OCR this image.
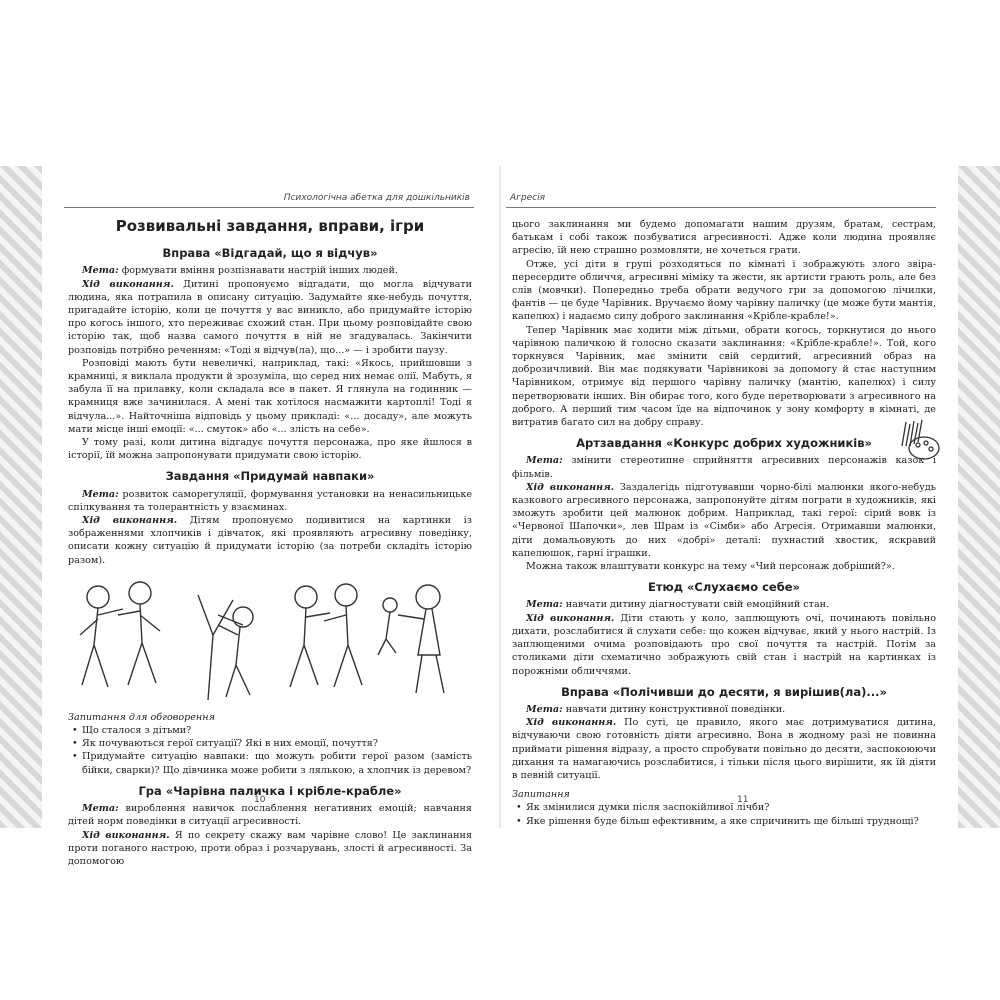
Психологічна абетка для дошкільників	Агресія
Розвивальні завдання, вправи, ігри
Вправа «Відгадай, що я відчув»

Мета: формувати вміння розпізнавати настрій інших людей.

Хід виконання. Дитині пропонуємо відгадати, що могла відчувати людина, яка потрапила в описану ситуацію. Задумайте яке-небудь почуття, пригадайте історію, коли це почуття у вас виникло, або придумайте історію про когось іншого, хто переживає схожий стан. При цьому розповідайте свою історію так, щоб назва самого почуття в ній не згадувалась. Закінчити розповідь потрібно реченням: «Тоді я відчув(ла), що...» — і зробити паузу.

Розповіді мають бути невеличкі, наприклад, такі: «Якось, прийшовши з крамниці, я виклала продукти й зрозуміла, що серед них немає олії. Мабуть, я забула її на прилавку, коли складала все в пакет. Я глянула на годинник — крамниця вже зачинилася. А мені так хотілося насмажити картоплі! Тоді я відчула...». Найточніша відповідь у цьому прикладі: «... досаду», але можуть мати місце інші емоції: «... смуток» або «... злість на себе».

У тому разі, коли дитина відгадує почуття персонажа, про яке йшлося в історії, їй можна запропонувати придумати свою історію.

Завдання «Придумай навпаки»

Мета: розвиток саморегуляції, формування установки на ненасильницьке спілкування та толерантність у взаєминах.

Хід виконання. Дітям пропонуємо подивитися на картинки із зображеннями хлопчиків і дівчаток, які проявляють агресивну поведінку, описати кожну ситуацію й придумати історію (за потреби складіть історію разом).

Запитання для обговорення

• Що сталося з дітьми?
• Як почуваються герої ситуації? Які в них емоції, почуття?
• Придумайте ситуацію навпаки: що можуть робити герої разом (замість бійки, сварки)? Що дівчинка може робити з лялькою, а хлопчик із деревом?
Гра «Чарівна паличка і крібле-крабле»

Мета: вироблення навичок послаблення негативних емоцій; навчання дітей норм поведінки в ситуації агресивності.

Хід виконання. Я по секрету скажу вам чарівне слово! Це заклинання проти поганого настрою, проти образ і розчарувань, злості й агресивності. За допомогою

цього заклинання ми будемо допомагати нашим друзям, братам, сестрам, батькам і собі також позбуватися агресивності. Адже коли людина проявляє агресію, їй нею страшно розмовляти, не хочеться грати.

Отже, усі діти в групі розходяться по кімнаті і зображують злого звіра-пересердите обличчя, агресивні міміку та жести, як артисти грають роль, але без слів (мовчки). Попередньо треба обрати ведучого гри за допомогою лічилки, фантів — це буде Чарівник. Вручаємо йому чарівну паличку (це може бути мантія, капелюх) і надаємо силу доброго заклинання «Крібле-крабле!».

Тепер Чарівник має ходити між дітьми, обрати когось, торкнутися до нього чарівною паличкою й голосно сказати заклинання: «Крібле-крабле!». Той, кого торкнувся Чарівник, має змінити свій сердитий, агресивний образ на доброзичливий. Він має подякувати Чарівникові за допомогу й стає наступним Чарівником, отримує від першого чарівну паличку (мантію, капелюх) і силу перетворювати інших. Він обирає того, кого буде перетворювати з агресивного на доброго. А перший тим часом їде на відпочинок у зону комфорту в кімнаті, де витратив багато сил на добру справу.

Артзавдання «Конкурс добрих художників»

Мета: змінити стереотипне сприйняття агресивних персонажів казок і фільмів.

Хід виконання. Заздалегідь підготувавши чорно-білі малюнки якого-небудь казкового агресивного персонажа, запропонуйте дітям пограти в художників, які зможуть зробити цей малюнок добрим. Наприклад, такі герої: сірий вовк із «Червоної Шапочки», лев Шрам із «Сімби» або Агресія. Отримавши малюнки, діти домальовують до них «добрі» деталі: пухнастий хвостик, яскравий капелюшок, гарні іграшки.

Можна також влаштувати конкурс на тему «Чий персонаж добріший?».

Етюд «Слухаємо себе»

Мета: навчати дитину діагностувати свій емоційний стан.

Хід виконання. Діти стають у коло, заплющують очі, починають повільно дихати, розслабитися й слухати себе: що кожен відчуває, який у нього настрій. Із заплющеними очима розповідають про свої почуття та настрій. Потім за столиками діти схематично зображують свій стан і настрій на картинках із порожніми обличчями.

Вправа «Полічивши до десяти, я вирішив(ла)...»

Мета: навчати дитину конструктивної поведінки.

Хід виконання. По суті, це правило, якого має дотримуватися дитина, відчуваючи свою готовність діяти агресивно. Вона в жодному разі не повинна приймати рішення відразу, а просто спробувати повільно до десяти, заспокоюючи дихання та намагаючись розслабитися, і тільки після цього вирішити, як їй діяти в певній ситуації.

Запитання

• Як змінилися думки після заспокійливої лічби?
• Яке рішення буде більш ефективним, а яке спричинить ще більші труднощі?
10	11
